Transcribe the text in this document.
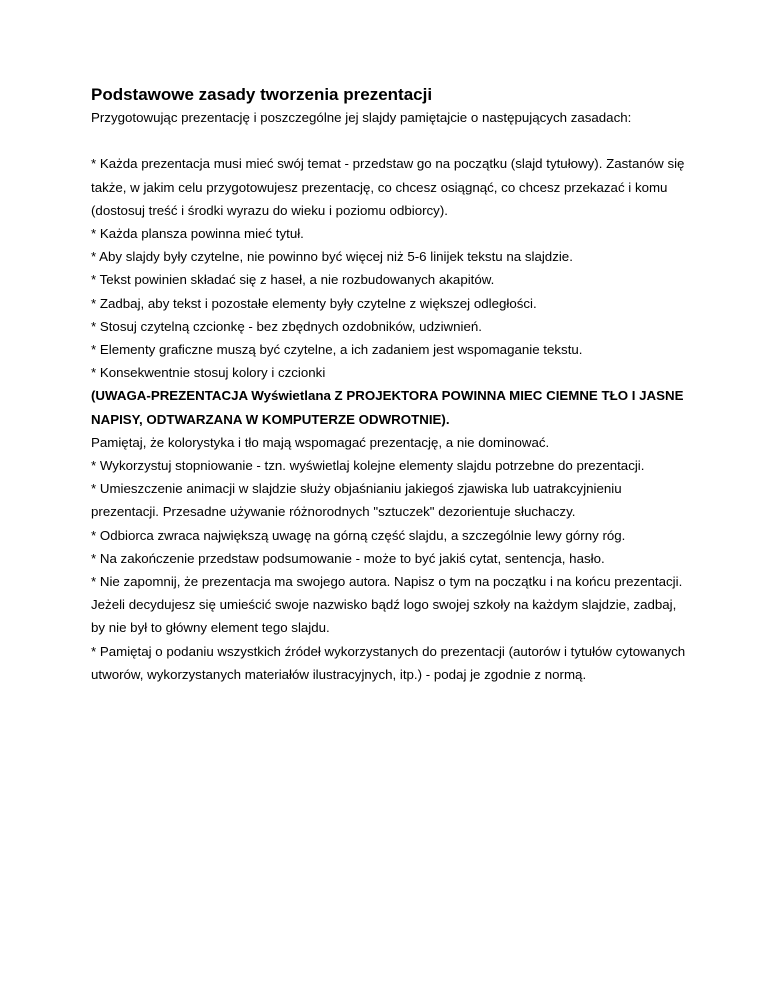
Podstawowe zasady tworzenia prezentacji

Przygotowując prezentację i poszczególne jej slajdy pamiętajcie o następujących zasadach:

* Każda prezentacja musi mieć swój temat - przedstaw go na początku (slajd tytułowy). Zastanów się także, w jakim celu przygotowujesz prezentację, co chcesz osiągnąć, co chcesz przekazać i komu (dostosuj treść i środki wyrazu do wieku i poziomu odbiorcy).

* Każda plansza powinna mieć tytuł.

* Aby slajdy były czytelne, nie powinno być więcej niż 5-6 linijek tekstu na slajdzie.

* Tekst powinien składać się z haseł, a nie rozbudowanych akapitów.

* Zadbaj, aby tekst i pozostałe elementy były czytelne z większej odległości.

* Stosuj czytelną czcionkę - bez zbędnych ozdobników, udziwnień.

* Elementy graficzne muszą być czytelne, a ich zadaniem jest wspomaganie tekstu.

* Konsekwentnie stosuj kolory i czcionki

(UWAGA-PREZENTACJA Wyświetlana Z PROJEKTORA POWINNA MIEC CIEMNE TŁO I JASNE NAPISY, ODTWARZANA W KOMPUTERZE ODWROTNIE).

Pamiętaj, że kolorystyka i tło mają wspomagać prezentację, a nie dominować.

* Wykorzystuj stopniowanie - tzn. wyświetlaj kolejne elementy slajdu potrzebne do prezentacji.

* Umieszczenie animacji w slajdzie służy objaśnianiu jakiegoś zjawiska lub uatrakcyjnieniu prezentacji. Przesadne używanie różnorodnych "sztuczek" dezorientuje słuchaczy.

* Odbiorca zwraca największą uwagę na górną część slajdu, a szczególnie lewy górny róg.

* Na zakończenie przedstaw podsumowanie - może to być jakiś cytat, sentencja, hasło.

* Nie zapomnij, że prezentacja ma swojego autora. Napisz o tym na początku i na końcu prezentacji. Jeżeli decydujesz się umieścić swoje nazwisko bądź logo swojej szkoły na każdym slajdzie, zadbaj, by nie był to główny element tego slajdu.

* Pamiętaj o podaniu wszystkich źródeł wykorzystanych do prezentacji (autorów i tytułów cytowanych utworów, wykorzystanych materiałów ilustracyjnych, itp.) - podaj je zgodnie z normą.
